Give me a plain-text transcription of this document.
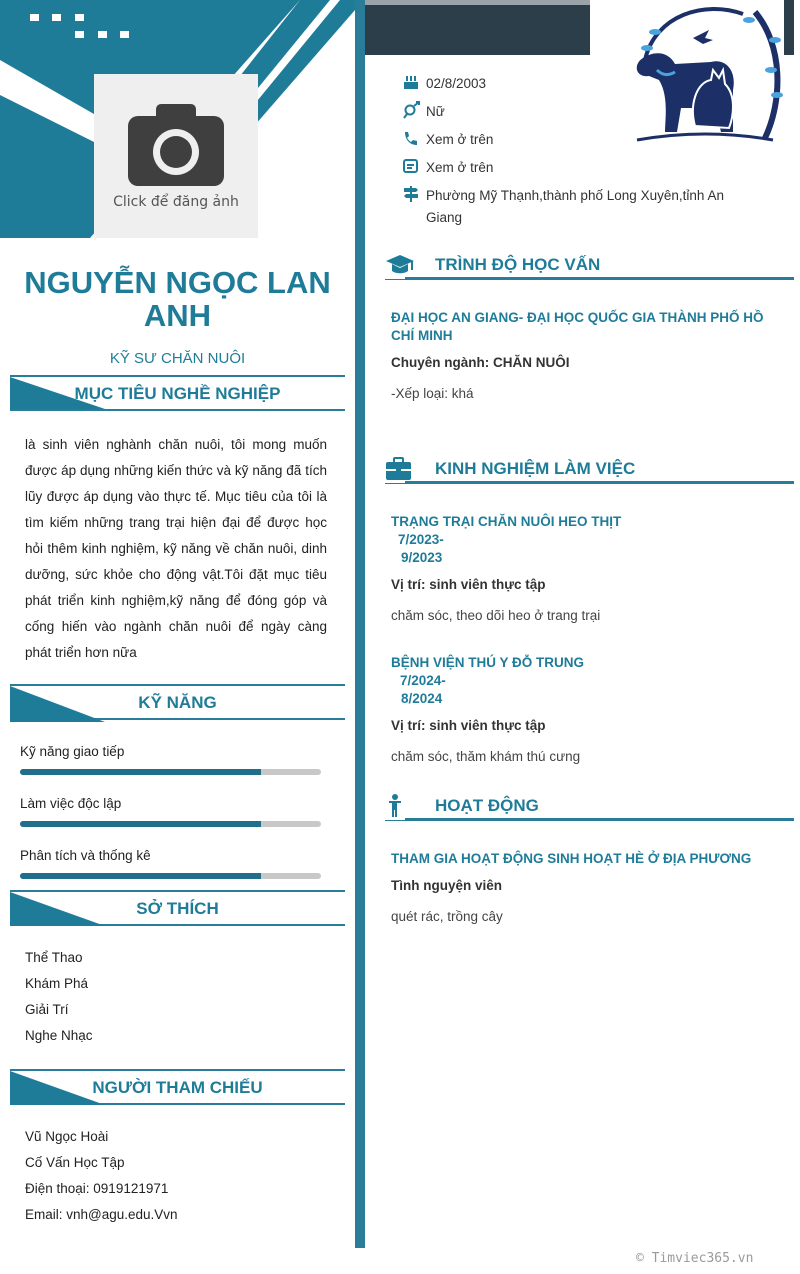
Click để đăng ảnh
NGUYỄN NGỌC LAN ANH
KỸ SƯ CHĂN NUÔI
MỤC TIÊU NGHỀ NGHIỆP
là sinh viên nghành chăn nuôi, tôi mong muốn được áp dụng những kiến thức và kỹ năng đã tích lũy được áp dụng vào thực tế. Mục tiêu của tôi là tìm kiếm những trang trại hiện đại để được học hỏi thêm kinh nghiệm, kỹ năng về chăn nuôi, dinh dưỡng, sức khỏe cho động vật.Tôi đặt mục tiêu phát triển kinh nghiệm,kỹ năng để đóng góp và cống hiến vào ngành chăn nuôi để ngày càng phát triển hơn nữa
KỸ NĂNG
Kỹ năng giao tiếp
Làm việc độc lập
Phân tích và thống kê
SỞ THÍCH
Thể Thao
Khám Phá
Giải Trí
Nghe Nhạc
NGƯỜI THAM CHIẾU
Vũ Ngọc Hoài
Cố Vấn Học Tập
Điện thoại: 0919121971
Email: vnh@agu.edu.Vvn
02/8/2003
Nữ
Xem ở trên
Xem ở trên
Phường Mỹ Thạnh,thành phố Long Xuyên,tỉnh An Giang
TRÌNH ĐỘ HỌC VẤN
ĐẠI HỌC AN GIANG- ĐẠI HỌC QUỐC GIA THÀNH PHỐ HỒ CHÍ MINH
Chuyên ngành: CHĂN NUÔI
-Xếp loại: khá
KINH NGHIỆM LÀM VIỆC
TRẠNG TRẠI CHĂN NUÔI HEO THỊT
7/2023-
9/2023
Vị trí: sinh viên thực tập
chăm sóc, theo dõi heo ở trang trại
BỆNH VIỆN THÚ Y ĐỖ TRUNG
7/2024-
8/2024
Vị trí: sinh viên thực tập
chăm sóc, thăm khám thú cưng
HOẠT ĐỘNG
THAM GIA HOẠT ĐỘNG SINH HOẠT HÈ Ở ĐỊA PHƯƠNG
Tình nguyện viên
quét rác, trồng cây
© Timviec365.vn
